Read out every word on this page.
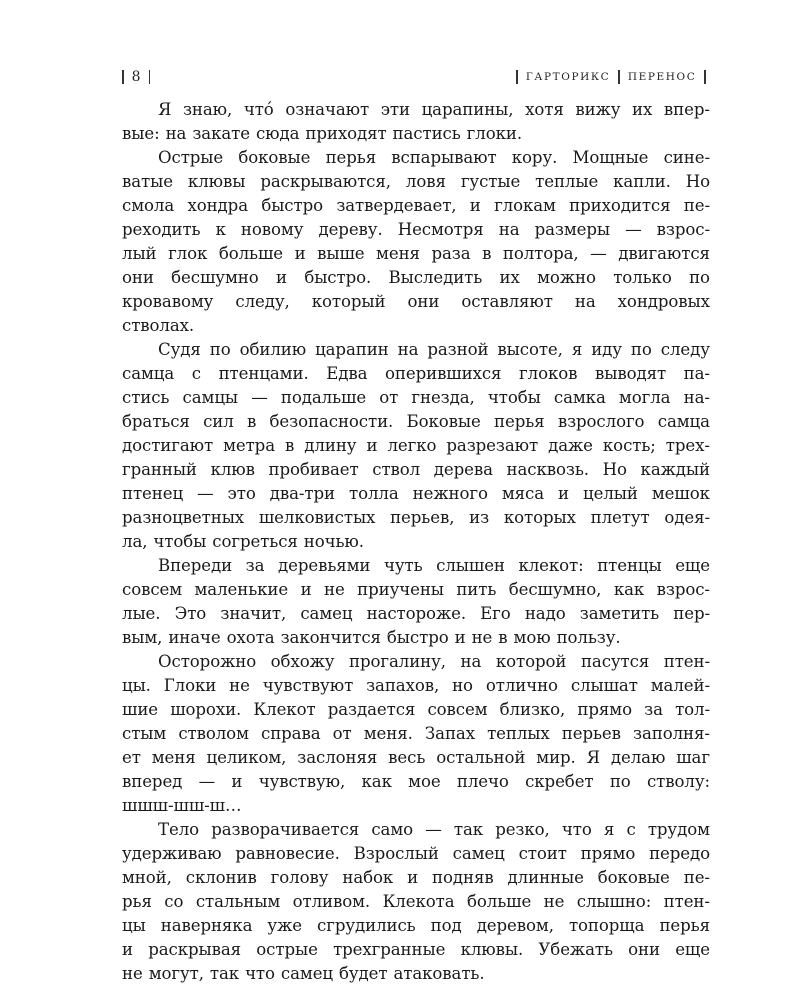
8	ГАРТОРИКС ПЕРЕНОС
Я знаю, чтó означают эти царапины, хотя вижу их впер-
вые: на закате сюда приходят пастись глоки.
Острые боковые перья вспарывают кору. Мощные сине-
ватые клювы раскрываются, ловя густые теплые капли. Но
смола хондра быстро затвердевает, и глокам приходится пе-
реходить к новому дереву. Несмотря на размеры — взрос-
лый глок больше и выше меня раза в полтора, — двигаются
они бесшумно и быстро. Выследить их можно только по
кровавому следу, который они оставляют на хондровых
стволах.
Судя по обилию царапин на разной высоте, я иду по следу
самца с птенцами. Едва оперившихся глоков выводят па-
стись самцы — подальше от гнезда, чтобы самка могла на-
браться сил в безопасности. Боковые перья взрослого самца
достигают метра в длину и легко разрезают даже кость; трех-
гранный клюв пробивает ствол дерева насквозь. Но каждый
птенец — это два-три толла нежного мяса и целый мешок
разноцветных шелковистых перьев, из которых плетут одея-
ла, чтобы согреться ночью.
Впереди за деревьями чуть слышен клекот: птенцы еще
совсем маленькие и не приучены пить бесшумно, как взрос-
лые. Это значит, самец настороже. Его надо заметить пер-
вым, иначе охота закончится быстро и не в мою пользу.
Осторожно обхожу прогалину, на которой пасутся птен-
цы. Глоки не чувствуют запахов, но отлично слышат малей-
шие шорохи. Клекот раздается совсем близко, прямо за тол-
стым стволом справа от меня. Запах теплых перьев заполня-
ет меня целиком, заслоняя весь остальной мир. Я делаю шаг
вперед — и чувствую, как мое плечо скребет по стволу:
шшш-шш-ш…
Тело разворачивается само — так резко, что я с трудом
удерживаю равновесие. Взрослый самец стоит прямо передо
мной, склонив голову набок и подняв длинные боковые пе-
рья со стальным отливом. Клекота больше не слышно: птен-
цы наверняка уже сгрудились под деревом, топорща перья
и раскрывая острые трехгранные клювы. Убежать они еще
не могут, так что самец будет атаковать.
